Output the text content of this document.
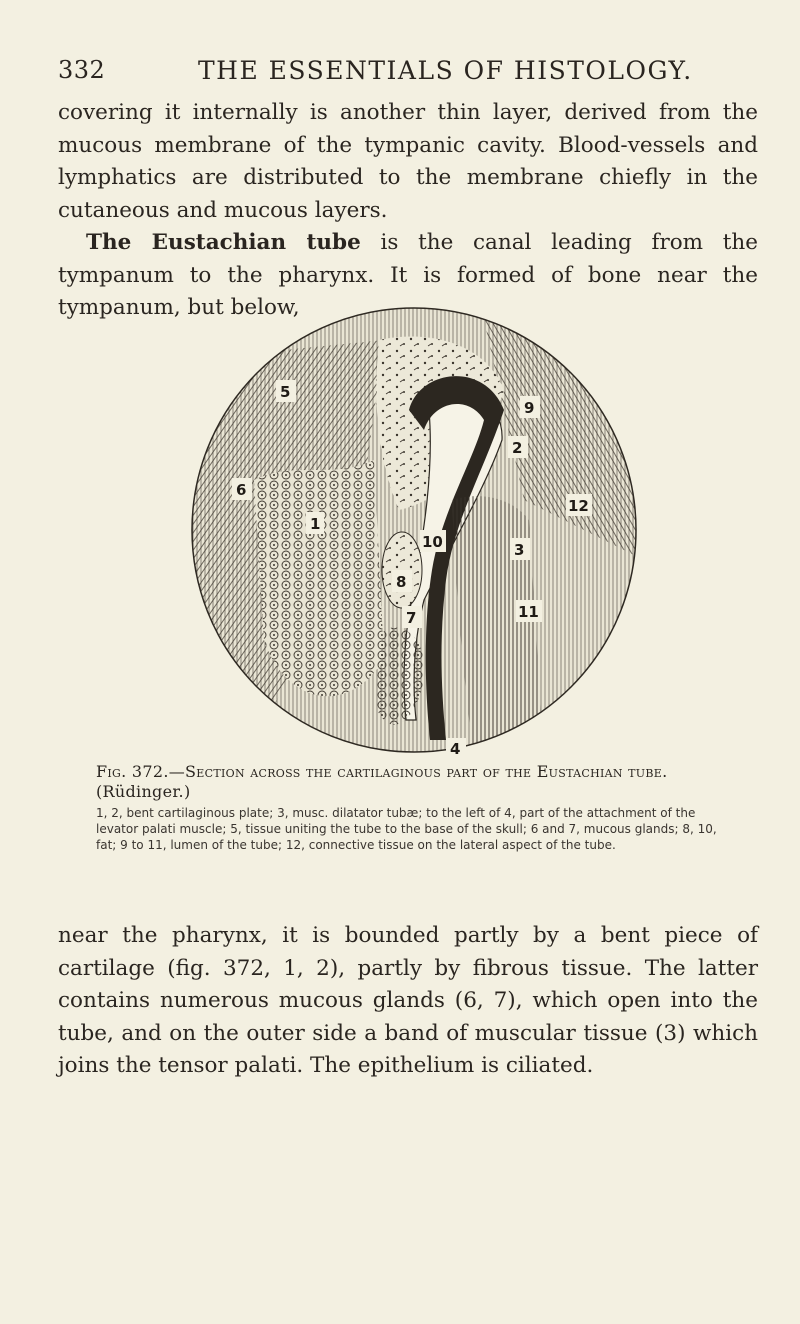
332	THE ESSENTIALS OF HISTOLOGY.

covering it internally is another thin layer, derived from the mucous membrane of the tympanic cavity. Blood-vessels and lymphatics are distributed to the membrane chiefly in the cutaneous and mucous layers.

The Eustachian tube is the canal leading from the tympanum to the pharynx. It is formed of bone near the tympanum, but below,

5
9
2
12
6
1
10	3
8
7	11
4
Fig. 372.—Section across the cartilaginous part of the Eustachian tube. (Rüdinger.)

1, 2, bent cartilaginous plate; 3, musc. dilatator tubæ; to the left of 4, part of the attachment of the levator palati muscle; 5, tissue uniting the tube to the base of the skull; 6 and 7, mucous glands; 8, 10, fat; 9 to 11, lumen of the tube; 12, connective tissue on the lateral aspect of the tube.

near the pharynx, it is bounded partly by a bent piece of cartilage (fig. 372, 1, 2), partly by fibrous tissue. The latter contains numerous mucous glands (6, 7), which open into the tube, and on the outer side a band of muscular tissue (3) which joins the tensor palati. The epithelium is ciliated.
